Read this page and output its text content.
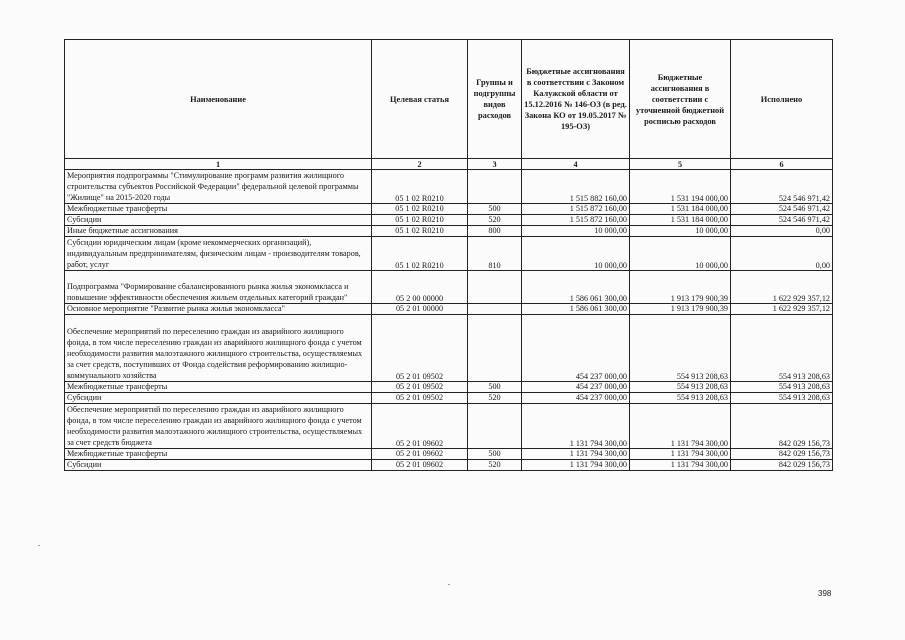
Наименование	Целевая статья	Группы и подгруппы видов расходов	Бюджетные ассигнования в соответствии с Законом Калужской области от 15.12.2016 № 146-ОЗ (в ред. Закона КО от 19.05.2017 № 195-ОЗ)	Бюджетные ассигнования в соответствии с уточненной бюджетной росписью расходов	Исполнено
1	2	3	4	5	6
Мероприятия подпрограммы "Стимулирование программ развития жилищного строительства субъектов Российской Федерации" федеральной целевой программы "Жилище" на 2015-2020 годы	05 1 02 R0210		1 515 882 160,00	1 531 194 000,00	524 546 971,42
Межбюджетные трансферты	05 1 02 R0210	500	1 515 872 160,00	1 531 184 000,00	524 546 971,42
Субсидии	05 1 02 R0210	520	1 515 872 160,00	1 531 184 000,00	524 546 971,42
Иные бюджетные ассигнования	05 1 02 R0210	800	10 000,00	10 000,00	0,00
Субсидии юридическим лицам (кроме некоммерческих организаций), индивидуальным предпринимателям, физическим лицам - производителям товаров, работ, услуг	05 1 02 R0210	810	10 000,00	10 000,00	0,00
Подпрограмма "Формирование сбалансированного рынка жилья экономкласса и повышение эффективности обеспечения жильем отдельных категорий граждан"	05 2 00 00000		1 586 061 300,00	1 913 179 900,39	1 622 929 357,12
Основное мероприятие "Развитие рынка жилья экономкласса"	05 2 01 00000		1 586 061 300,00	1 913 179 900,39	1 622 929 357,12
Обеспечение мероприятий по переселению граждан из аварийного жилищного фонда, в том числе переселению граждан из аварийного жилищного фонда с учетом необходимости развития малоэтажного жилищного строительства, осуществляемых за счет средств, поступивших от Фонда содействия реформированию жилищно-коммунального хозяйства	05 2 01 09502		454 237 000,00	554 913 208,63	554 913 208,63
Межбюджетные трансферты	05 2 01 09502	500	454 237 000,00	554 913 208,63	554 913 208,63
Субсидии	05 2 01 09502	520	454 237 000,00	554 913 208,63	554 913 208,63
Обеспечение мероприятий по переселению граждан из аварийного жилищного фонда, в том числе переселению граждан из аварийного жилищного фонда с учетом необходимости развития малоэтажного жилищного строительства, осуществляемых за счет средств бюджета	05 2 01 09602		1 131 794 300,00	1 131 794 300,00	842 029 156,73
Межбюджетные трансферты	05 2 01 09602	500	1 131 794 300,00	1 131 794 300,00	842 029 156,73
Субсидии	05 2 01 09602	520	1 131 794 300,00	1 131 794 300,00	842 029 156,73
398
